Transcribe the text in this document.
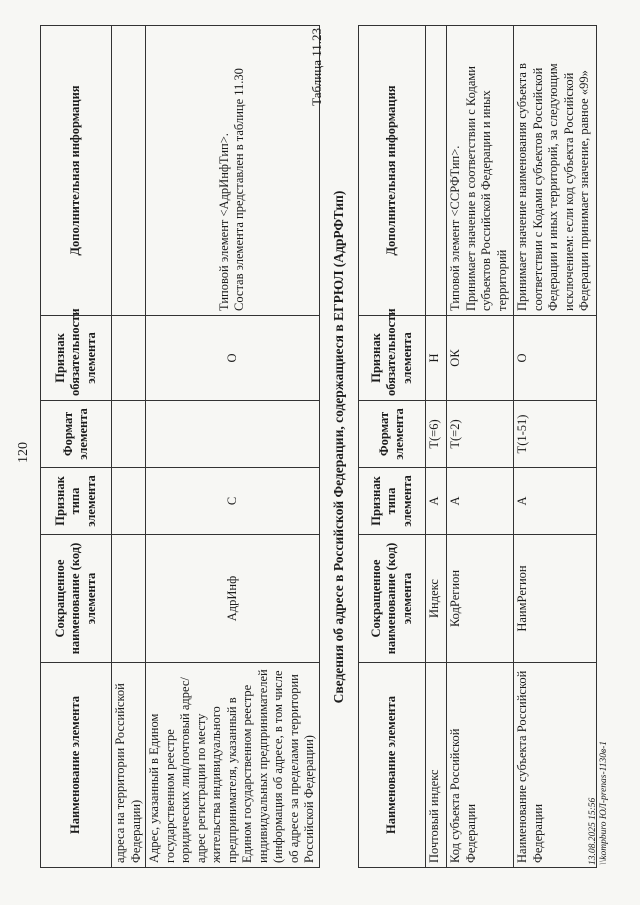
120
Наименование элемента	Сокращенное наименование (код) элемента	Признак типа элемента	Формат элемента	Признак обязательности элемента	Дополнительная информация
адреса на территории Российской Федерации)					
Адрес, указанный в Едином государственном реестре юридических лиц/почтовый адрес/адрес регистрации по месту жительства индивидуального предпринимателя, указанный в Едином государственном реестре индивидуальных предпринимателей (информация об адресе, в том числе об адресе за пределами территории Российской Федерации)	АдрИнф	С		О	Типовой элемент <АдрИнфТип>.
Состав элемента представлен в таблице 11.30	Таблица 11.23
Сведения об адресе в Российской Федерации, содержащиеся в ЕГРЮЛ (АдрРФТип)
Наименование элемента	Сокращенное наименование (код) элемента	Признак типа элемента	Формат элемента	Признак обязательности элемента	Дополнительная информация
Почтовый индекс	Индекс	А	Т(=6)	Н	
Код субъекта Российской Федерации	КодРегион	А	Т(=2)	ОК	Типовой элемент <ССРФТип>.
Принимает значение в соответствии с Кодами субъектов Российской Федерации и иных территорий
Наименование субъекта Российской Федерации	НаимРегион	А	Т(1-51)	О	Принимает значение наименования субъекта в соответствии с Кодами субъектов Российской Федерации и иных территорий, за следующим исключением: если код субъекта Российской Федерации принимает значение, равное «99»
13.08.2025 15:56 \\kompburo ЮЛ-prenas-1130в-1
